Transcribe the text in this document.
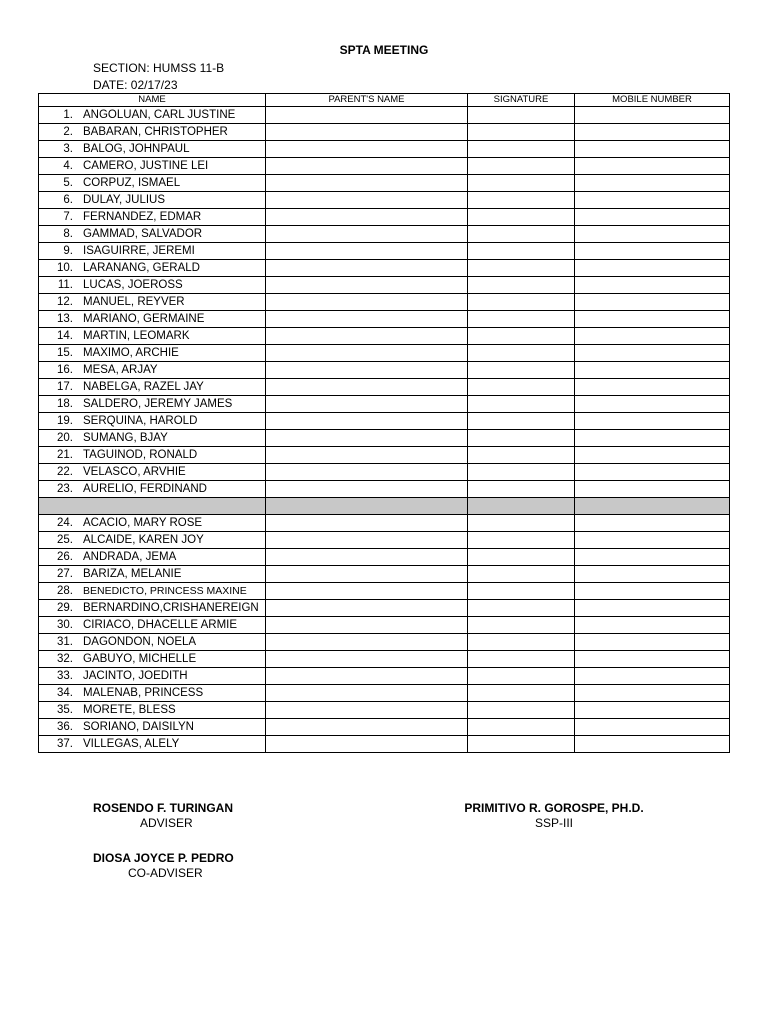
SPTA MEETING
SECTION: HUMSS 11-B
DATE: 02/17/23
NAME	PARENT'S NAME	SIGNATURE	MOBILE NUMBER
1. ANGOLUAN, CARL JUSTINE			
2. BABARAN, CHRISTOPHER			
3. BALOG, JOHNPAUL			
4. CAMERO, JUSTINE LEI			
5. CORPUZ, ISMAEL			
6. DULAY, JULIUS			
7. FERNANDEZ, EDMAR			
8. GAMMAD, SALVADOR			
9. ISAGUIRRE, JEREMI			
10. LARANANG, GERALD			
11. LUCAS, JOEROSS			
12. MANUEL, REYVER			
13. MARIANO, GERMAINE			
14. MARTIN, LEOMARK			
15. MAXIMO, ARCHIE			
16. MESA, ARJAY			
17. NABELGA, RAZEL JAY			
18. SALDERO, JEREMY JAMES			
19. SERQUINA, HAROLD			
20. SUMANG, BJAY			
21. TAGUINOD, RONALD			
22. VELASCO, ARVHIE			
23. AURELIO, FERDINAND			

24. ACACIO, MARY ROSE			
25. ALCAIDE, KAREN JOY			
26. ANDRADA, JEMA			
27. BARIZA, MELANIE			
28. BENEDICTO, PRINCESS MAXINE			
29. BERNARDINO,CRISHANEREIGN			
30. CIRIACO, DHACELLE ARMIE			
31. DAGONDON, NOELA			
32. GABUYO, MICHELLE			
33. JACINTO, JOEDITH			
34. MALENAB, PRINCESS			
35. MORETE, BLESS			
36. SORIANO, DAISILYN			
37. VILLEGAS, ALELY			
ROSENDO F. TURINGAN
ADVISER
PRIMITIVO R. GOROSPE, PH.D.
SSP-III
DIOSA JOYCE P. PEDRO
CO-ADVISER
